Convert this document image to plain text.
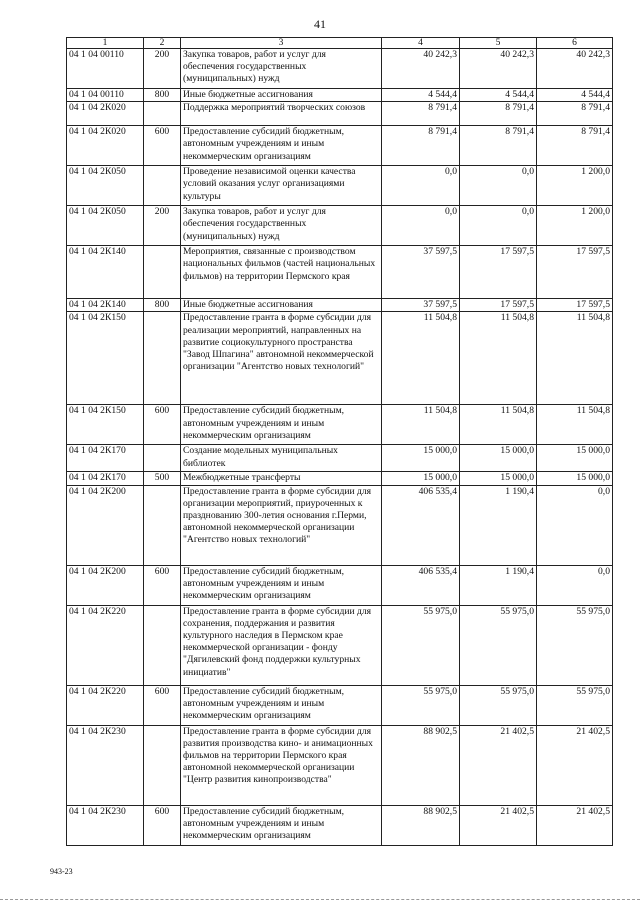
41
1	2	3	4	5	6
04 1 04 00110	200	Закупка товаров, работ и услуг для обеспечения государственных (муниципальных) нужд	40 242,3	40 242,3	40 242,3
04 1 04 00110	800	Иные бюджетные ассигнования	4 544,4	4 544,4	4 544,4
04 1 04 2К020		Поддержка мероприятий творческих союзов	8 791,4	8 791,4	8 791,4
04 1 04 2К020	600	Предоставление субсидий бюджетным, автономным учреждениям и иным некоммерческим организациям	8 791,4	8 791,4	8 791,4
04 1 04 2К050		Проведение независимой оценки качества условий оказания услуг организациями культуры	0,0	0,0	1 200,0
04 1 04 2К050	200	Закупка товаров, работ и услуг для обеспечения государственных (муниципальных) нужд	0,0	0,0	1 200,0
04 1 04 2К140		Мероприятия, связанные с производством национальных фильмов (частей национальных фильмов) на территории Пермского края	37 597,5	17 597,5	17 597,5
04 1 04 2К140	800	Иные бюджетные ассигнования	37 597,5	17 597,5	17 597,5
04 1 04 2К150		Предоставление гранта в форме субсидии для реализации мероприятий, направленных на развитие социокультурного пространства "Завод Шпагина" автономной некоммерческой организации "Агентство новых технологий"	11 504,8	11 504,8	11 504,8
04 1 04 2К150	600	Предоставление субсидий бюджетным, автономным учреждениям и иным некоммерческим организациям	11 504,8	11 504,8	11 504,8
04 1 04 2К170		Создание модельных муниципальных библиотек	15 000,0	15 000,0	15 000,0
04 1 04 2К170	500	Межбюджетные трансферты	15 000,0	15 000,0	15 000,0
04 1 04 2К200		Предоставление гранта в форме субсидии для организации мероприятий, приуроченных к празднованию 300-летия основания г.Перми, автономной некоммерческой организации "Агентство новых технологий"	406 535,4	1 190,4	0,0
04 1 04 2К200	600	Предоставление субсидий бюджетным, автономным учреждениям и иным некоммерческим организациям	406 535,4	1 190,4	0,0
04 1 04 2К220		Предоставление гранта в форме субсидии для сохранения, поддержания и развития культурного наследия в Пермском крае некоммерческой организации - фонду "Дягилевский фонд поддержки культурных инициатив"	55 975,0	55 975,0	55 975,0
04 1 04 2К220	600	Предоставление субсидий бюджетным, автономным учреждениям и иным некоммерческим организациям	55 975,0	55 975,0	55 975,0
04 1 04 2К230		Предоставление гранта в форме субсидии для развития производства кино- и анимационных фильмов на территории Пермского края автономной некоммерческой организации "Центр развития кинопроизводства"	88 902,5	21 402,5	21 402,5
04 1 04 2К230	600	Предоставление субсидий бюджетным, автономным учреждениям и иным некоммерческим организациям	88 902,5	21 402,5	21 402,5
943-23
